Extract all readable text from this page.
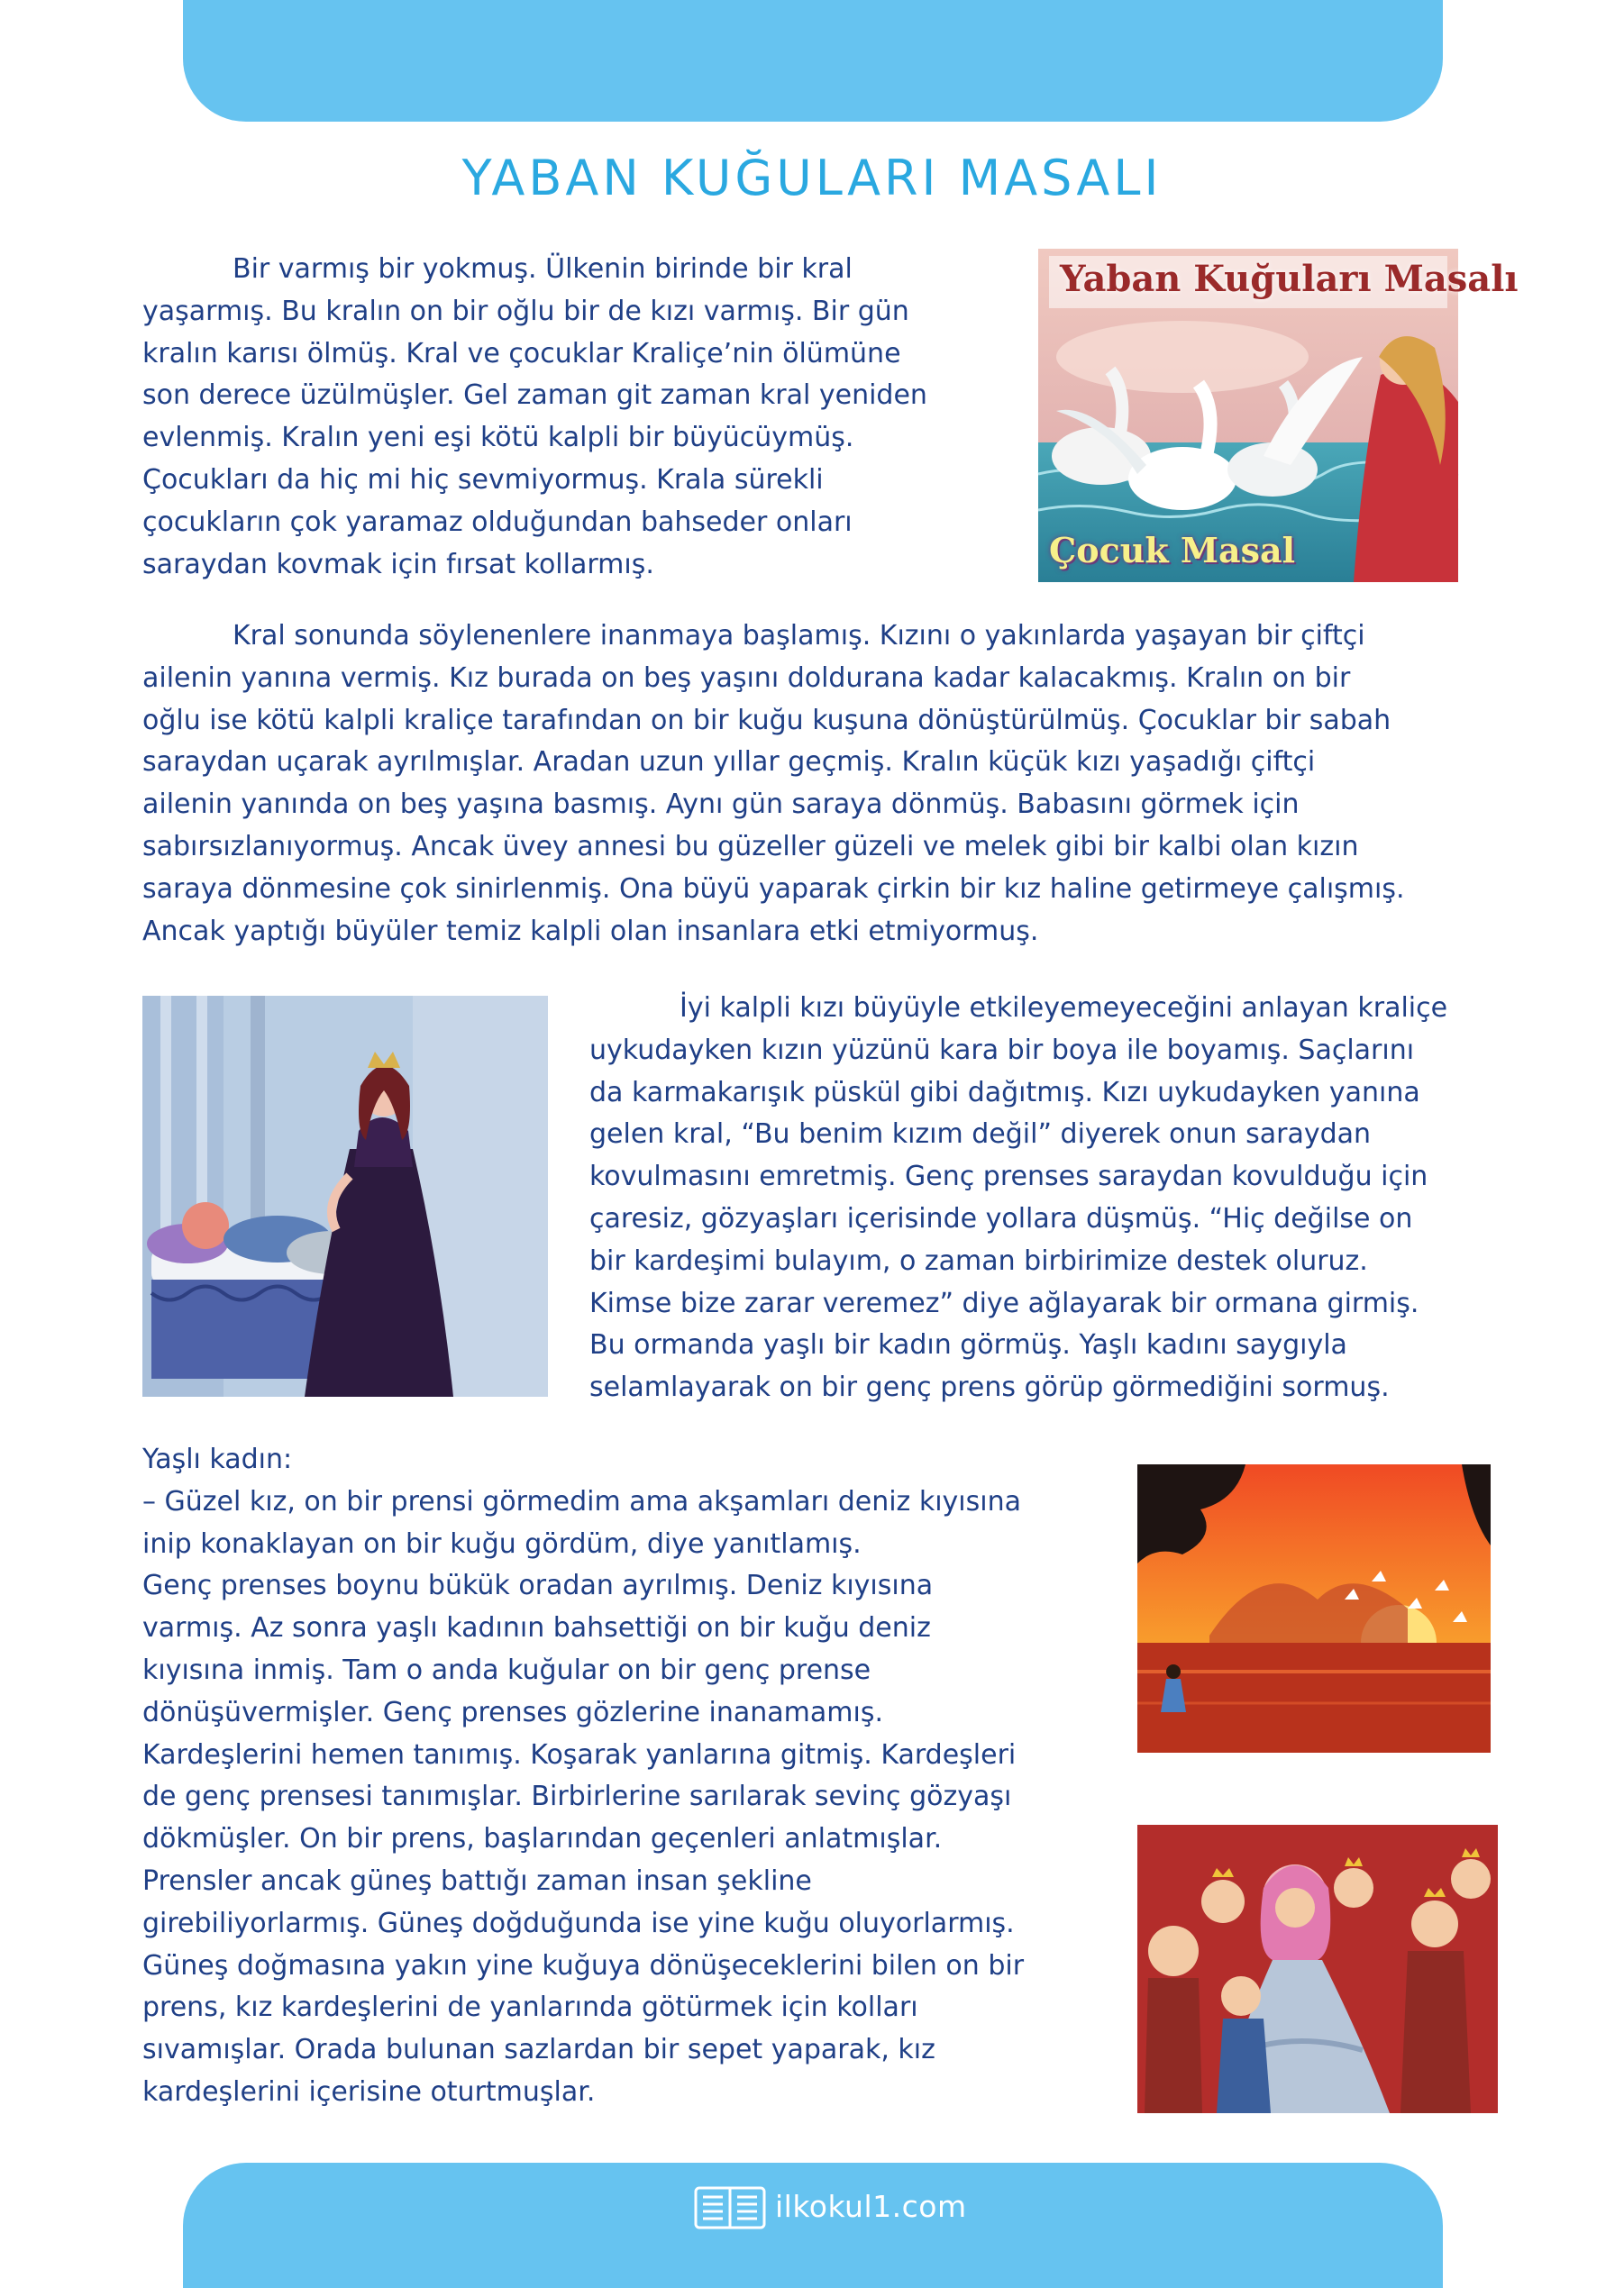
YABAN KUĞULARI MASALI
Bir varmış bir yokmuş. Ülkenin birinde bir kral
yaşarmış. Bu kralın on bir oğlu bir de kızı varmış. Bir gün
kralın karısı ölmüş. Kral ve çocuklar Kraliçe’nin ölümüne
son derece üzülmüşler. Gel zaman git zaman kral yeniden
evlenmiş. Kralın yeni eşi kötü kalpli bir büyücüymüş.
Çocukları da hiç mi hiç sevmiyormuş. Krala sürekli
çocukların çok yaramaz olduğundan bahseder onları
saraydan kovmak için fırsat kollarmış.
Yaban Kuğuları Masalı
Çocuk Masal
Kral sonunda söylenenlere inanmaya başlamış. Kızını o yakınlarda yaşayan bir çiftçi
ailenin yanına vermiş. Kız burada on beş yaşını doldurana kadar kalacakmış. Kralın on bir
oğlu ise kötü kalpli kraliçe tarafından on bir kuğu kuşuna dönüştürülmüş. Çocuklar bir sabah
saraydan uçarak ayrılmışlar. Aradan uzun yıllar geçmiş. Kralın küçük kızı yaşadığı çiftçi
ailenin yanında on beş yaşına basmış. Aynı gün saraya dönmüş. Babasını görmek için
sabırsızlanıyormuş. Ancak üvey annesi bu güzeller güzeli ve melek gibi bir kalbi olan kızın
saraya dönmesine çok sinirlenmiş. Ona büyü yaparak çirkin bir kız haline getirmeye çalışmış.
Ancak yaptığı büyüler temiz kalpli olan insanlara etki etmiyormuş.
İyi kalpli kızı büyüyle etkileyemeyeceğini anlayan kraliçe
uykudayken kızın yüzünü kara bir boya ile boyamış. Saçlarını
da karmakarışık püskül gibi dağıtmış. Kızı uykudayken yanına
gelen kral, “Bu benim kızım değil” diyerek onun saraydan
kovulmasını emretmiş. Genç prenses saraydan kovulduğu için
çaresiz, gözyaşları içerisinde yollara düşmüş. “Hiç değilse on
bir kardeşimi bulayım, o zaman birbirimize destek oluruz.
Kimse bize zarar veremez” diye ağlayarak bir ormana girmiş.
Bu ormanda yaşlı bir kadın görmüş. Yaşlı kadını saygıyla
selamlayarak on bir genç prens görüp görmediğini sormuş.
Yaşlı kadın:
– Güzel kız, on bir prensi görmedim ama akşamları deniz kıyısına
inip konaklayan on bir kuğu gördüm, diye yanıtlamış.
Genç prenses boynu bükük oradan ayrılmış. Deniz kıyısına
varmış. Az sonra yaşlı kadının bahsettiği on bir kuğu deniz
kıyısına inmiş. Tam o anda kuğular on bir genç prense
dönüşüvermişler. Genç prenses gözlerine inanamamış.
Kardeşlerini hemen tanımış. Koşarak yanlarına gitmiş. Kardeşleri
de genç prensesi tanımışlar. Birbirlerine sarılarak sevinç gözyaşı
dökmüşler. On bir prens, başlarından geçenleri anlatmışlar.
Prensler ancak güneş battığı zaman insan şekline
girebiliyorlarmış. Güneş doğduğunda ise yine kuğu oluyorlarmış.
Güneş doğmasına yakın yine kuğuya dönüşeceklerini bilen on bir
prens, kız kardeşlerini de yanlarında götürmek için kolları
sıvamışlar. Orada bulunan sazlardan bir sepet yaparak, kız
kardeşlerini içerisine oturtmuşlar.
ilkokul1.com
